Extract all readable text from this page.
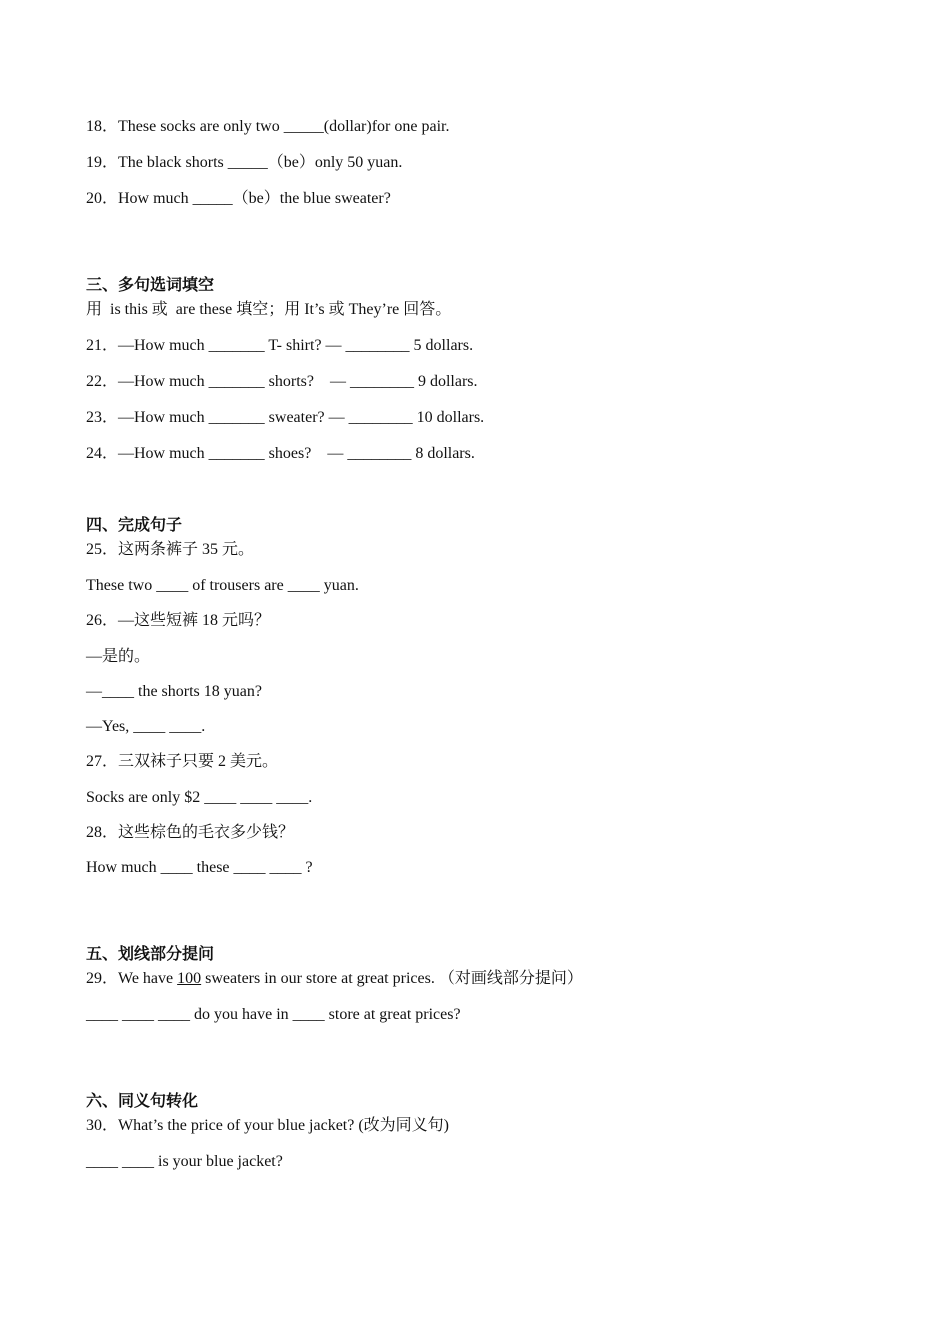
18．These socks are only two _____(dollar)for one pair.
19．The black shorts _____（be）only 50 yuan.
20．How much _____（be）the blue sweater?
三、多句选词填空
用  is this 或  are these 填空；用 It’s 或 They’re 回答。
21．—How much _______ T- shirt? — ________ 5 dollars.
22．—How much _______ shorts?    — ________ 9 dollars.
23．—How much _______ sweater? — ________ 10 dollars.
24．—How much _______ shoes?    — ________ 8 dollars.
四、完成句子
25．这两条裤子 35 元。
These two ____ of trousers are ____ yuan.
26．—这些短裤 18 元吗？
—是的。
—____ the shorts 18 yuan?
—Yes, ____ ____.
27．三双袜子只要 2 美元。
Socks are only $2 ____ ____ ____.
28．这些棕色的毛衣多少钱？
How much ____ these ____ ____ ?
五、划线部分提问
29．We have 100 sweaters in our store at great prices. （对画线部分提问）
____ ____ ____ do you have in ____ store at great prices?
六、同义句转化
30．What’s the price of your blue jacket? (改为同义句)
____ ____ is your blue jacket?
